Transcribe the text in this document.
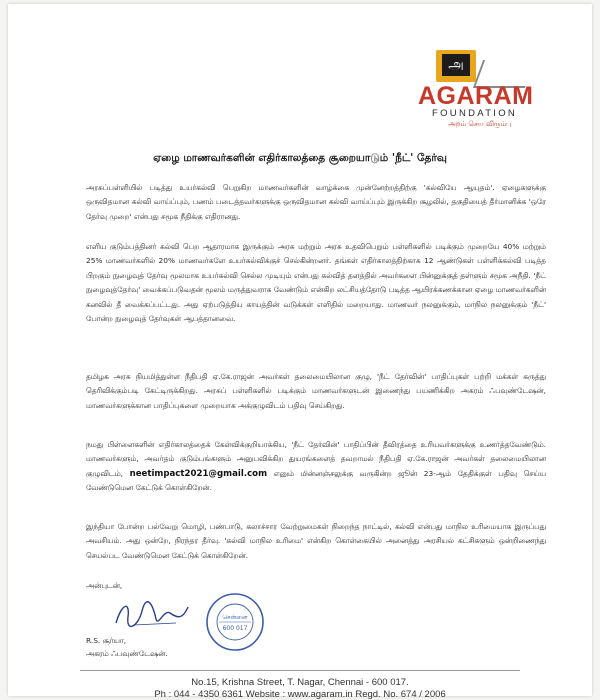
அ
AGARAM
FOUNDATION
அறம் செய விரும்பு
ஏழை மாணவர்களின் எதிர்காலத்தை சூறையாடும் 'நீட்' தேர்வு
அரசுப்பள்ளியில் படித்து உயர்கல்வி பெறுகிற மாணவர்களின் வாழ்க்கை முன்னேற்றத்திற்கு 'கல்வியே ஆயுதம்'. ஏழைகளுக்கு ஒருவிதமான கல்வி வாய்ப்பும், பணம் படைத்தவர்களுக்கு ஒருவிதமான கல்வி வாய்ப்பும் இருக்கிற சூழலில், தகுதியைத் தீர்மானிக்க 'ஒரே தேர்வு முறை' என்பது சமூக நீதிக்கு எதிரானது.
எளிய குடும்பத்தினர் கல்வி பெற ஆதாரமாக இருக்கும் அரசு மற்றும் அரசு உதவிபெறும் பள்ளிகளில் படிக்கும் முறையே 40% மற்றும் 25% மாணவர்களில் 20% மாணவர்களே உயர்கல்விக்குச் செல்கின்றனர். தங்கள் எதிர்காலத்திற்காக 12 ஆண்டுகள் பள்ளிக்கல்வி படித்த பிறகும் நுழைவுத் தேர்வு மூலமாக உயர்கல்வி செல்ல முடியும் என்பது கல்வித் தளத்தில் அவர்களை பின்னுக்குத் தள்ளும் சமூக அநீதி. 'நீட் நுழைவுத்தேர்வு' வைக்கப்படுவதன் மூலம் மருத்துவராக வேண்டும் என்கிற லட்சியத்தோடு படித்த ஆயிரக்கணக்கான ஏழை மாணவர்களின் கனவில் தீ வைக்கப்பட்டது. அது ஏற்படுத்திய காயத்தின் வடுக்கள் எளிதில் மறையாது. மாணவர் நலனுக்கும், மாநில நலனுக்கும் 'நீட்' போன்ற நுழைவுத் தேர்வுகள் ஆபத்தானவை.
தமிழக அரசு நியமித்துள்ள நீதிபதி ஏ.கே.ராஜன் அவர்கள் தலைமையிலான குழு, 'நீட் தேர்வின்' பாதிப்புகள் பற்றி மக்கள் கருத்து தெரிவிக்கும்படி கேட்டிருக்கிறது. அரசுப் பள்ளிகளில் படிக்கும் மாணவர்களுடன் இணைந்து பயணிக்கிற அகரம் ஃபவுண்டேஷன், மாணவர்களுக்கான பாதிப்புகளை முறையாக அக்குழுவிடம் பதிவு செய்கிறது.
நமது பிள்ளைகளின் எதிர்காலத்தைக் கேள்விக்குறியாக்கிய, 'நீட் தேர்வின்' பாதிப்பின் தீவிரத்தை உரியவர்களுக்கு உணர்த்தவேண்டும். மாணவர்களும், அவர்தம் குடும்பங்களும் அனுபவிக்கிற துயரங்களைத் தவறாமல் நீதிபதி ஏ.கே.ராஜன் அவர்கள் தலைமையிலான குழுவிடம், neetimpact2021@gmail.com எனும் மின்னஞ்சலுக்கு வருகின்ற ஜூன் 23-ஆம் தேதிக்குள் பதிவு செய்ய வேண்டுமென கேட்டுக் கொள்கிறேன்.
இந்தியா போன்ற பல்வேறு மொழி, பண்பாடு, கலாச்சார வேற்றுமைகள் நிறைந்த நாட்டில், கல்வி என்பது மாநில உரிமையாக இருப்பது அவசியம். அது ஒன்றே, நிரந்தர தீர்வு. 'கல்வி மாநில உரிமை' என்கிற கொள்கையில் அனைத்து அரசியல் கட்சிகளும் ஒன்றிணைந்து செயல்பட வேண்டுமென கேட்டுக் கொள்கிறேன்.
அன்புடன்,
R.S. சூர்யா,
அகரம் ஃபவுண்டேஷன்.
சென்னை
600 017
No.15, Krishna Street, T. Nagar, Chennai - 600 017.
Ph : 044 - 4350 6361 Website : www.agaram.in Regd. No. 674 / 2006
